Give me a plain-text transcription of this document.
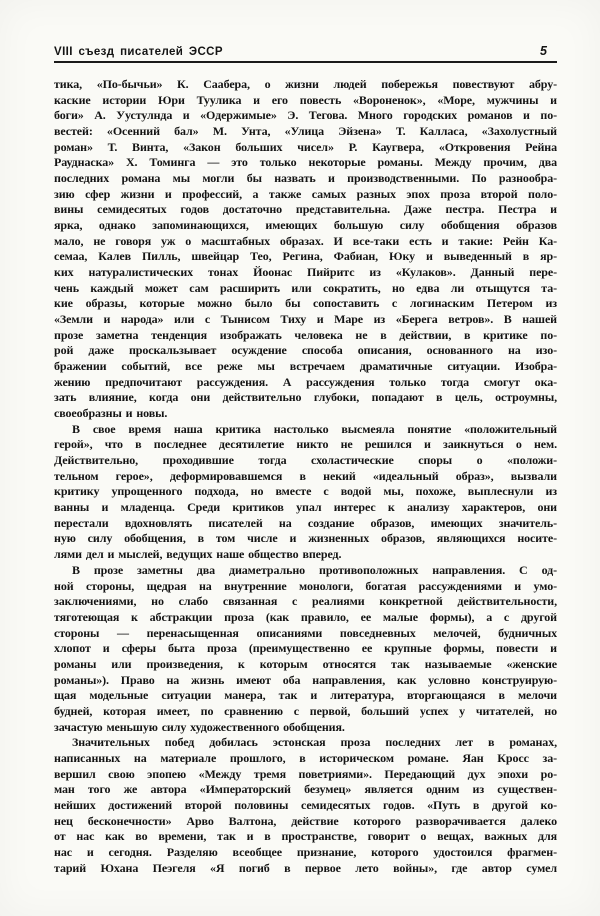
VIII съезд писателей ЭССР	5
тика, «По-бычьи» К. Саабера, о жизни людей побережья повествуют абру-
каские истории Юри Туулика и его повесть «Вороненок», «Море, мужчины и
боги» А. Уустулнда и «Одержимые» Э. Тегова. Много городских романов и по-
вестей: «Осенний бал» М. Унта, «Улица Эйзена» Т. Калласа, «Захолустный
роман» Т. Винта, «Закон больших чисел» Р. Каугвера, «Откровения Рейна
Рауднаска» Х. Томинга — это только некоторые романы. Между прочим, два
последних романа мы могли бы назвать и производственными. По разнообра-
зию сфер жизни и профессий, а также самых разных эпох проза второй поло-
вины семидесятых годов достаточно представительна. Даже пестра. Пестра и
ярка, однако запоминающихся, имеющих большую силу обобщения образов
мало, не говоря уж о масштабных образах. И все-таки есть и такие: Рейн Ка-
семаа, Калев Пилль, швейцар Тео, Регина, Фабиан, Юку и выведенный в яр-
ких натуралистических тонах Йоонас Пийритс из «Кулаков». Данный пере-
чень каждый может сам расширить или сократить, но едва ли отыщутся та-
кие образы, которые можно было бы сопоставить с логинаским Петером из
«Земли и народа» или с Тынисом Тиху и Маре из «Берега ветров». В нашей
прозе заметна тенденция изображать человека не в действии, в критике по-
рой даже проскальзывает осуждение способа описания, основанного на изо-
бражении событий, все реже мы встречаем драматичные ситуации. Изобра-
жению предпочитают рассуждения. А рассуждения только тогда смогут ока-
зать влияние, когда они действительно глубоки, попадают в цель, остроумны,
своеобразны и новы.
В свое время наша критика настолько высмеяла понятие «положительный
герой», что в последнее десятилетие никто не решился и заикнуться о нем.
Действительно, проходившие тогда схоластические споры о «положи-
тельном герое», деформировавшемся в некий «идеальный образ», вызвали
критику упрощенного подхода, но вместе с водой мы, похоже, выплеснули из
ванны и младенца. Среди критиков упал интерес к анализу характеров, они
перестали вдохновлять писателей на создание образов, имеющих значитель-
ную силу обобщения, в том числе и жизненных образов, являющихся носите-
лями дел и мыслей, ведущих наше общество вперед.
В прозе заметны два диаметрально противоположных направления. С од-
ной стороны, щедрая на внутренние монологи, богатая рассуждениями и умо-
заключениями, но слабо связанная с реалиями конкретной действительности,
тяготеющая к абстракции проза (как правило, ее малые формы), а с другой
стороны — перенасыщенная описаниями повседневных мелочей, будничных
хлопот и сферы быта проза (преимущественно ее крупные формы, повести и
романы или произведения, к которым относятся так называемые «женские
романы»). Право на жизнь имеют оба направления, как условно конструирую-
щая модельные ситуации манера, так и литература, вторгающаяся в мелочи
будней, которая имеет, по сравнению с первой, больший успех у читателей, но
зачастую меньшую силу художественного обобщения.
Значительных побед добилась эстонская проза последних лет в романах,
написанных на материале прошлого, в историческом романе. Яан Кросс за-
вершил свою эпопею «Между тремя поветриями». Передающий дух эпохи ро-
ман того же автора «Императорский безумец» является одним из существен-
нейших достижений второй половины семидесятых годов. «Путь в другой ко-
нец бесконечности» Арво Валтона, действие которого разворачивается далеко
от нас как во времени, так и в пространстве, говорит о вещах, важных для
нас и сегодня. Разделяю всеобщее признание, которого удостоился фрагмен-
тарий Юхана Пеэгеля «Я погиб в первое лето войны», где автор сумел
